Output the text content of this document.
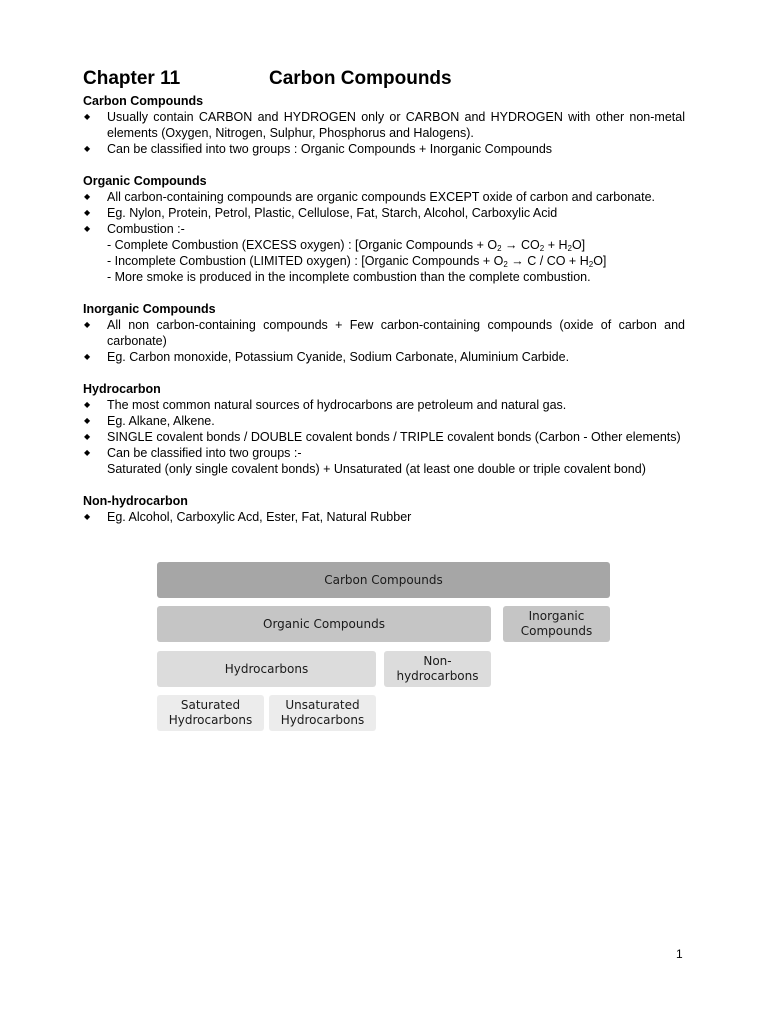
Chapter 11	Carbon Compounds
Carbon Compounds
◆ Usually contain CARBON and HYDROGEN only or CARBON and HYDROGEN with other non-metal elements (Oxygen, Nitrogen, Sulphur, Phosphorus and Halogens).
◆ Can be classified into two groups : Organic Compounds + Inorganic Compounds
Organic Compounds
◆ All carbon-containing compounds are organic compounds EXCEPT oxide of carbon and carbonate.
◆ Eg. Nylon, Protein, Petrol, Plastic, Cellulose, Fat, Starch, Alcohol, Carboxylic Acid
◆ Combustion :-
- Complete Combustion (EXCESS oxygen) : [Organic Compounds + $O_2 \to CO_2 + H_2O$]
- Incomplete Combustion (LIMITED oxygen) : [Organic Compounds + $O_2 \to C$ / CO + $H_2O$]
- More smoke is produced in the incomplete combustion than the complete combustion.
Inorganic Compounds
◆ All non carbon-containing compounds + Few carbon-containing compounds (oxide of carbon and carbonate)
◆ Eg. Carbon monoxide, Potassium Cyanide, Sodium Carbonate, Aluminium Carbide.
Hydrocarbon
◆ The most common natural sources of hydrocarbons are petroleum and natural gas.
◆ Eg. Alkane, Alkene.
◆ SINGLE covalent bonds / DOUBLE covalent bonds / TRIPLE covalent bonds (Carbon - Other elements)
◆ Can be classified into two groups :-
Saturated (only single covalent bonds) + Unsaturated (at least one double or triple covalent bond)
Non-hydrocarbon
◆ Eg. Alcohol, Carboxylic Acd, Ester, Fat, Natural Rubber
Carbon Compounds
Organic Compounds
Inorganic Compounds
Hydrocarbons
Non-hydrocarbons
Saturated Hydrocarbons
Unsaturated Hydrocarbons
1
